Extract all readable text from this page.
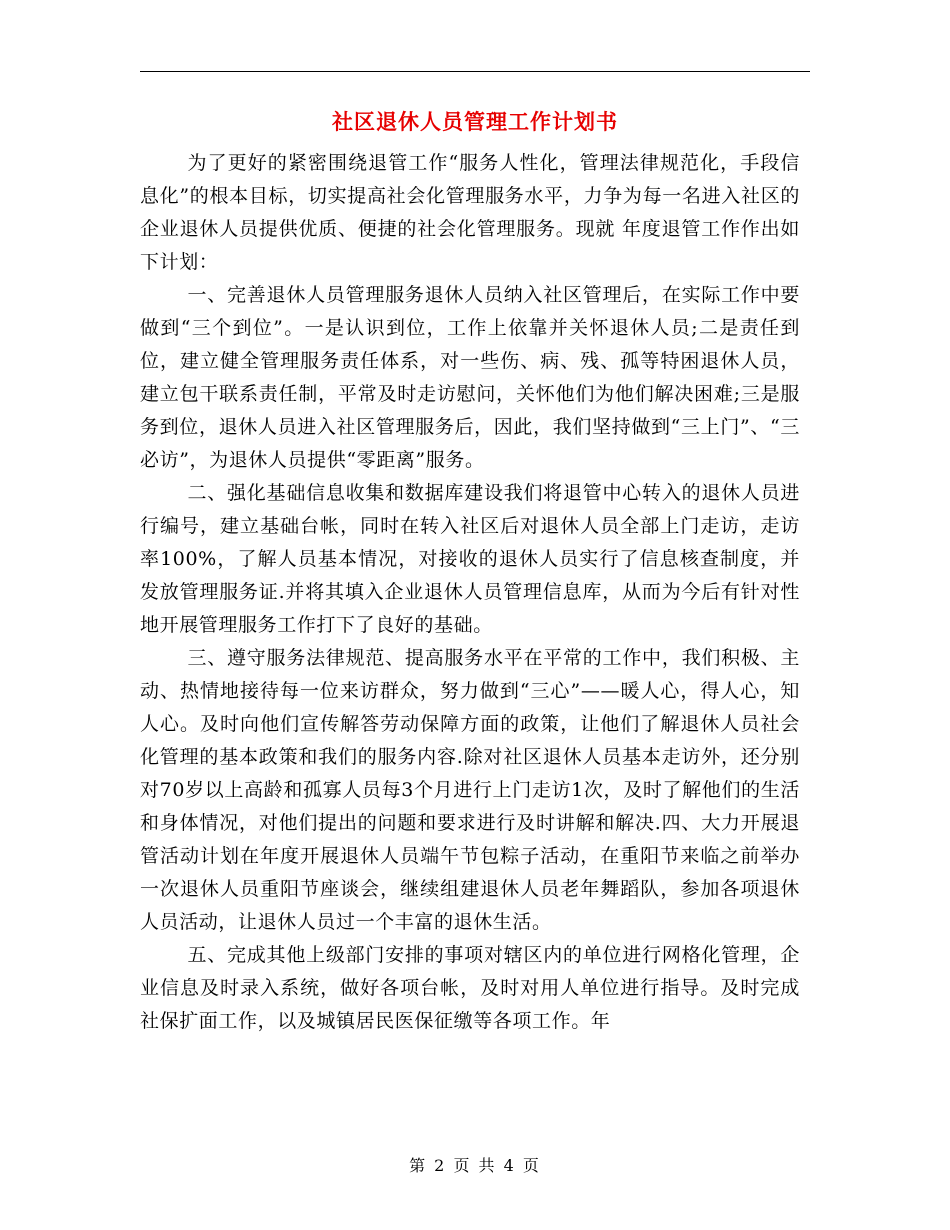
社区退休人员管理工作计划书

为了更好的紧密围绕退管工作“服务人性化，管理法律规范化，手段信息化”的根本目标，切实提高社会化管理服务水平，力争为每一名进入社区的企业退休人员提供优质、便捷的社会化管理服务。现就 年度退管工作作出如下计划：

一、完善退休人员管理服务退休人员纳入社区管理后，在实际工作中要做到“三个到位”。一是认识到位，工作上依靠并关怀退休人员;二是责任到位，建立健全管理服务责任体系，对一些伤、病、残、孤等特困退休人员，建立包干联系责任制，平常及时走访慰问，关怀他们为他们解决困难;三是服务到位，退休人员进入社区管理服务后，因此，我们坚持做到“三上门”、“三必访”，为退休人员提供“零距离”服务。

二、强化基础信息收集和数据库建设我们将退管中心转入的退休人员进行编号，建立基础台帐，同时在转入社区后对退休人员全部上门走访，走访率100%，了解人员基本情况，对接收的退休人员实行了信息核查制度，并发放管理服务证.并将其填入企业退休人员管理信息库，从而为今后有针对性地开展管理服务工作打下了良好的基础。

三、遵守服务法律规范、提高服务水平在平常的工作中，我们积极、主动、热情地接待每一位来访群众，努力做到“三心”——暖人心，得人心，知人心。及时向他们宣传解答劳动保障方面的政策，让他们了解退休人员社会化管理的基本政策和我们的服务内容.除对社区退休人员基本走访外，还分别对70岁以上高龄和孤寡人员每3个月进行上门走访1次，及时了解他们的生活和身体情况，对他们提出的问题和要求进行及时讲解和解决.四、大力开展退管活动计划在年度开展退休人员端午节包粽子活动，在重阳节来临之前举办一次退休人员重阳节座谈会，继续组建退休人员老年舞蹈队，参加各项退休人员活动，让退休人员过一个丰富的退休生活。

五、完成其他上级部门安排的事项对辖区内的单位进行网格化管理，企业信息及时录入系统，做好各项台帐，及时对用人单位进行指导。及时完成社保扩面工作，以及城镇居民医保征缴等各项工作。年

第 2 页 共 4 页
